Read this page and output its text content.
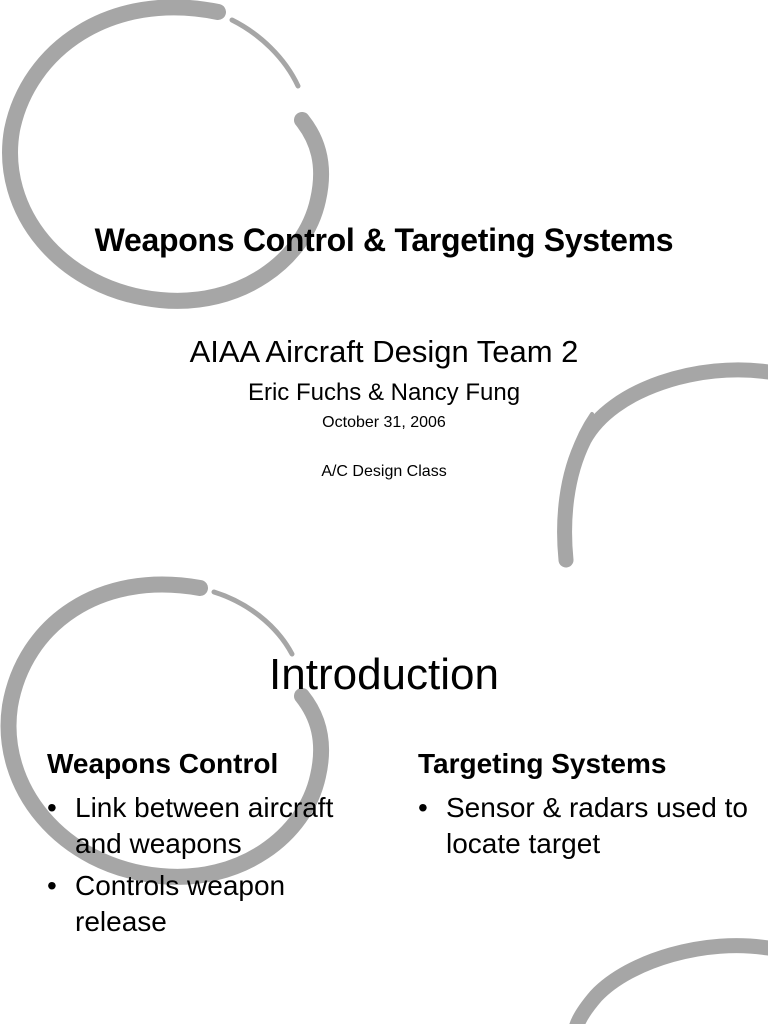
Weapons Control & Targeting Systems
AIAA Aircraft Design Team 2
Eric Fuchs & Nancy Fung
October 31, 2006
A/C Design Class
Introduction
Weapons Control
• Link between aircraft and weapons
• Controls weapon release
Targeting Systems
• Sensor & radars used to locate target
